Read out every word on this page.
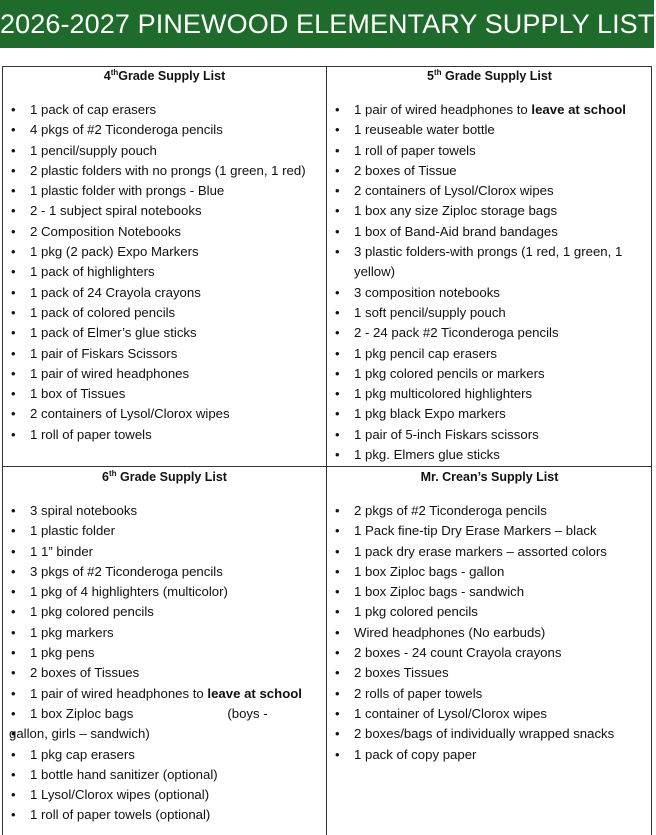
2026-2027 PINEWOOD ELEMENTARY SUPPLY LIST
4thGrade Supply List
• 1 pack of cap erasers
• 4 pkgs of #2 Ticonderoga pencils
• 1 pencil/supply pouch
• 2 plastic folders with no prongs (1 green, 1 red)
• 1 plastic folder with prongs - Blue
• 2 - 1 subject spiral notebooks
• 2 Composition Notebooks
• 1 pkg (2 pack) Expo Markers
• 1 pack of highlighters
• 1 pack of 24 Crayola crayons
• 1 pack of colored pencils
• 1 pack of Elmer’s glue sticks
• 1 pair of Fiskars Scissors
• 1 pair of wired headphones
• 1 box of Tissues
• 2 containers of Lysol/Clorox wipes
• 1 roll of paper towels
5th Grade Supply List
• 1 pair of wired headphones to leave at school
• 1 reuseable water bottle
• 1 roll of paper towels
• 2 boxes of Tissue
• 2 containers of Lysol/Clorox wipes
• 1 box any size Ziploc storage bags
• 1 box of Band-Aid brand bandages
• 3 plastic folders-with prongs (1 red, 1 green, 1 yellow)
• 3 composition notebooks
• 1 soft pencil/supply pouch
• 2 - 24 pack #2 Ticonderoga pencils
• 1 pkg pencil cap erasers
• 1 pkg colored pencils or markers
• 1 pkg multicolored highlighters
• 1 pkg black Expo markers
• 1 pair of 5-inch Fiskars scissors
• 1 pkg. Elmers glue sticks
6th Grade Supply List
• 3 spiral notebooks
• 1 plastic folder
• 1 1” binder
• 3 pkgs of #2 Ticonderoga pencils
• 1 pkg of 4 highlighters (multicolor)
• 1 pkg colored pencils
• 1 pkg markers
• 1 pkg pens
• 2 boxes of Tissues
• 1 pair of wired headphones to leave at school
• 1 box Ziploc bags	(boys -
• gallon, girls – sandwich)
• 1 pkg cap erasers
• 1 bottle hand sanitizer (optional)
• 1 Lysol/Clorox wipes (optional)
• 1 roll of paper towels (optional)
Mr. Crean’s Supply List
• 2 pkgs of #2 Ticonderoga pencils
• 1 Pack fine-tip Dry Erase Markers – black
• 1 pack dry erase markers – assorted colors
• 1 box Ziploc bags - gallon
• 1 box Ziploc bags - sandwich
• 1 pkg colored pencils
• Wired headphones (No earbuds)
• 2 boxes - 24 count Crayola crayons
• 2 boxes Tissues
• 2 rolls of paper towels
• 1 container of Lysol/Clorox wipes
• 2 boxes/bags of individually wrapped snacks
• 1 pack of copy paper
